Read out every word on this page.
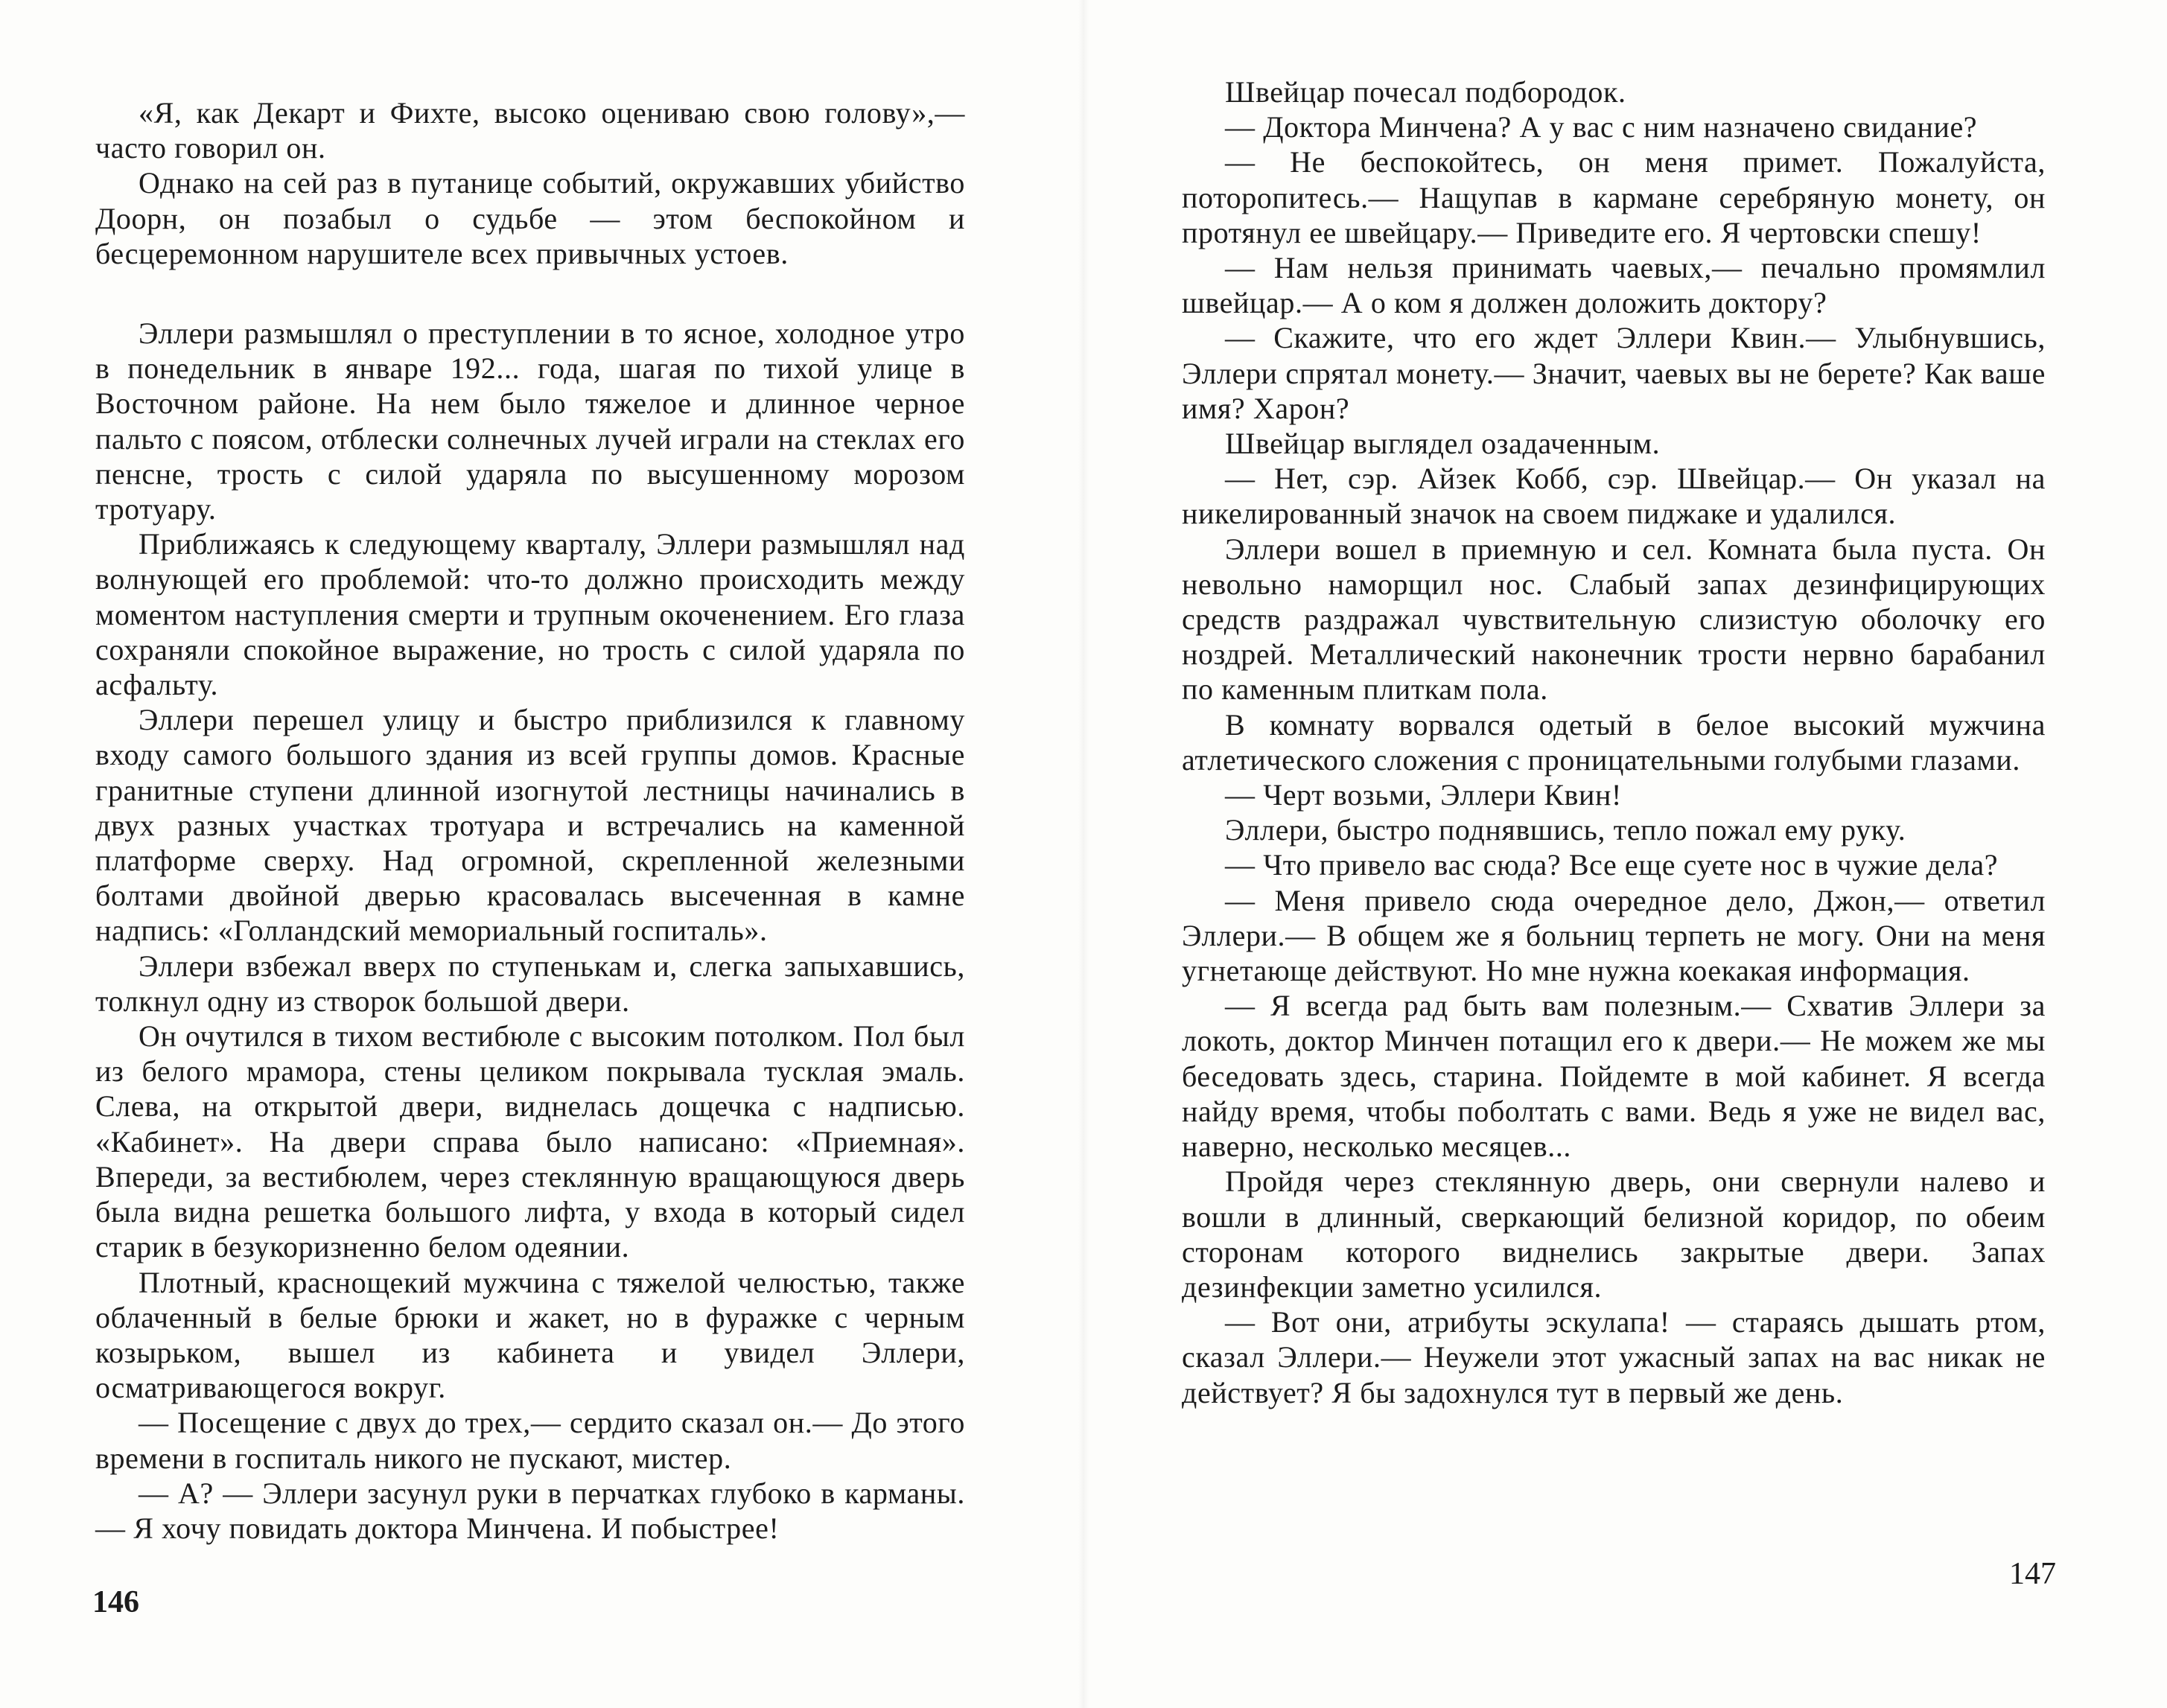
«Я, как Декарт и Фихте, высоко оцениваю свою голову»,— часто говорил он.

Однако на сей раз в путанице событий, окружавших убийство Доорн, он позабыл о судьбе — этом беспокойном и бесцеремонном нарушителе всех привычных устоев.

Эллери размышлял о преступлении в то ясное, холодное утро в понедельник в январе 192... года, шагая по тихой улице в Восточном районе. На нем было тяжелое и длинное черное пальто с поясом, отблески солнечных лучей играли на стеклах его пенсне, трость с силой ударяла по высушенному морозом тротуару.

Приближаясь к следующему кварталу, Эллери размышлял над волнующей его проблемой: что-то должно происходить между моментом наступления смерти и трупным окоченением. Его глаза сохраняли спокойное выражение, но трость с силой ударяла по асфальту.

Эллери перешел улицу и быстро приблизился к главному входу самого большого здания из всей группы домов. Красные гранитные ступени длинной изогнутой лестницы начинались в двух разных участках тротуара и встречались на каменной платформе сверху. Над огромной, скрепленной железными болтами двойной дверью красовалась высеченная в камне надпись: «Голландский мемориальный госпиталь».

Эллери взбежал вверх по ступенькам и, слегка запыхавшись, толкнул одну из створок большой двери.

Он очутился в тихом вестибюле с высоким потолком. Пол был из белого мрамора, стены целиком покрывала тусклая эмаль. Слева, на открытой двери, виднелась дощечка с надписью. «Кабинет». На двери справа было написано: «Приемная». Впереди, за вестибюлем, через стеклянную вращающуюся дверь была видна решетка большого лифта, у входа в который сидел старик в безукоризненно белом одеянии.

Плотный, краснощекий мужчина с тяжелой челюстью, также облаченный в белые брюки и жакет, но в фуражке с черным козырьком, вышел из кабинета и увидел Эллери, осматривающегося вокруг.

— Посещение с двух до трех,— сердито сказал он.— До этого времени в госпиталь никого не пускают, мистер.

— А? — Эллери засунул руки в перчатках глубоко в карманы.— Я хочу повидать доктора Минчена. И побыстрее!

146

Швейцар почесал подбородок.

— Доктора Минчена? А у вас с ним назначено свидание?

— Не беспокойтесь, он меня примет. Пожалуйста, поторопитесь.— Нащупав в кармане серебряную монету, он протянул ее швейцару.— Приведите его. Я чертовски спешу!

— Нам нельзя принимать чаевых,— печально промямлил швейцар.— А о ком я должен доложить доктору?

— Скажите, что его ждет Эллери Квин.— Улыбнувшись, Эллери спрятал монету.— Значит, чаевых вы не берете? Как ваше имя? Харон?

Швейцар выглядел озадаченным.

— Нет, сэр. Айзек Кобб, сэр. Швейцар.— Он указал на никелированный значок на своем пиджаке и удалился.

Эллери вошел в приемную и сел. Комната была пуста. Он невольно наморщил нос. Слабый запах дезинфицирующих средств раздражал чувствительную слизистую оболочку его ноздрей. Металлический наконечник трости нервно барабанил по каменным плиткам пола.

В комнату ворвался одетый в белое высокий мужчина атлетического сложения с проницательными голубыми глазами.

— Черт возьми, Эллери Квин!

Эллери, быстро поднявшись, тепло пожал ему руку.

— Что привело вас сюда? Все еще суете нос в чужие дела?

— Меня привело сюда очередное дело, Джон,— ответил Эллери.— В общем же я больниц терпеть не могу. Они на меня угнетающе действуют. Но мне нужна коекакая информация.

— Я всегда рад быть вам полезным.— Схватив Эллери за локоть, доктор Минчен потащил его к двери.— Не можем же мы беседовать здесь, старина. Пойдемте в мой кабинет. Я всегда найду время, чтобы поболтать с вами. Ведь я уже не видел вас, наверно, несколько месяцев...

Пройдя через стеклянную дверь, они свернули налево и вошли в длинный, сверкающий белизной коридор, по обеим сторонам которого виднелись закрытые двери. Запах дезинфекции заметно усилился.

— Вот они, атрибуты эскулапа! — стараясь дышать ртом, сказал Эллери.— Неужели этот ужасный запах на вас никак не действует? Я бы задохнулся тут в первый же день.

147
